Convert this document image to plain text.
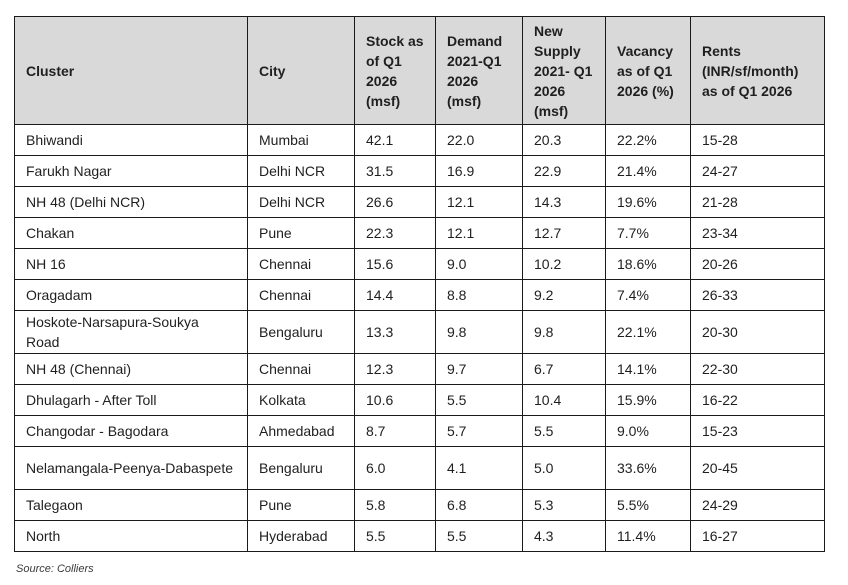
Cluster	City	Stock as of Q1 2026 (msf)	Demand 2021-Q1 2026 (msf)	New Supply 2021- Q1 2026 (msf)	Vacancy as of Q1 2026 (%)	Rents (INR/sf/month) as of Q1 2026
Bhiwandi	Mumbai	42.1	22.0	20.3	22.2%	15-28
Farukh Nagar	Delhi NCR	31.5	16.9	22.9	21.4%	24-27
NH 48 (Delhi NCR)	Delhi NCR	26.6	12.1	14.3	19.6%	21-28
Chakan	Pune	22.3	12.1	12.7	7.7%	23-34
NH 16	Chennai	15.6	9.0	10.2	18.6%	20-26
Oragadam	Chennai	14.4	8.8	9.2	7.4%	26-33
Hoskote-Narsapura-Soukya Road	Bengaluru	13.3	9.8	9.8	22.1%	20-30
NH 48 (Chennai)	Chennai	12.3	9.7	6.7	14.1%	22-30
Dhulagarh - After Toll	Kolkata	10.6	5.5	10.4	15.9%	16-22
Changodar - Bagodara	Ahmedabad	8.7	5.7	5.5	9.0%	15-23
Nelamangala-Peenya-Dabaspete	Bengaluru	6.0	4.1	5.0	33.6%	20-45
Talegaon	Pune	5.8	6.8	5.3	5.5%	24-29
North	Hyderabad	5.5	5.5	4.3	11.4%	16-27
Source: Colliers
